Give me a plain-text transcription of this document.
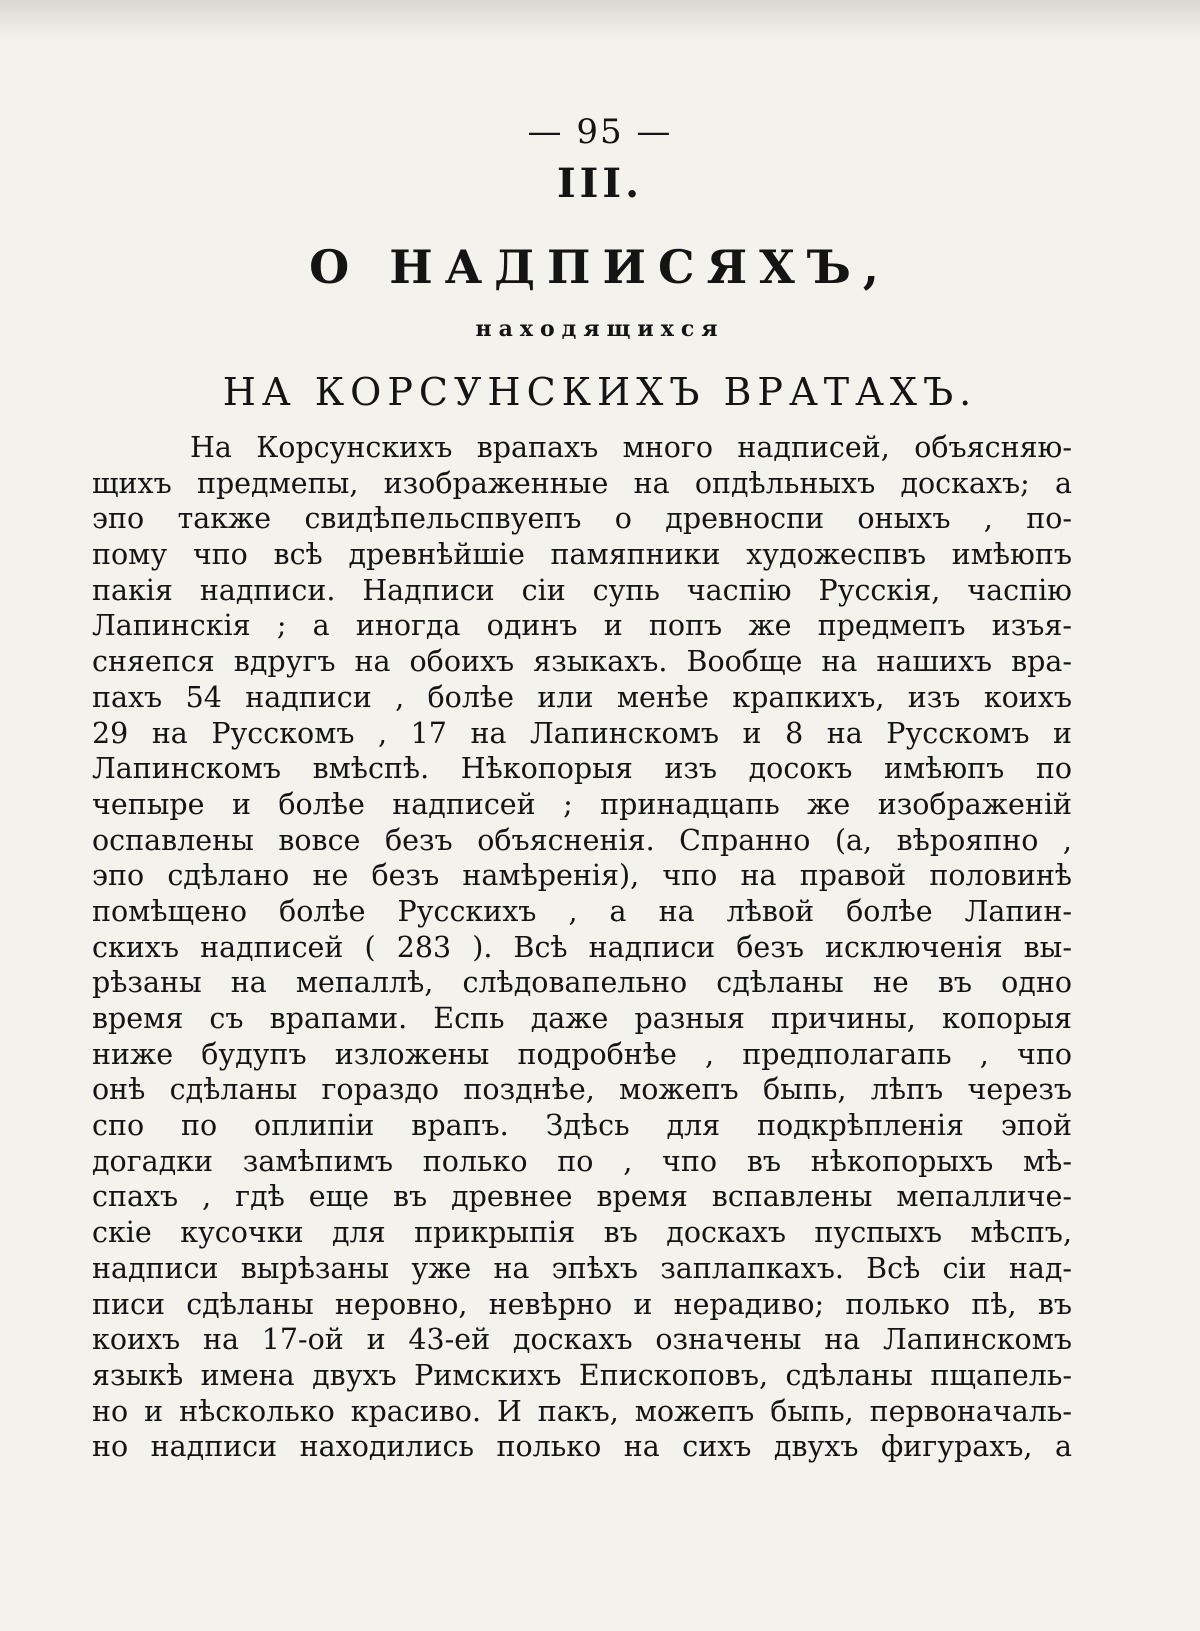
— 95 —
III.
О НАДПИСЯХЪ,
находящихся
НА КОРСУНСКИХЪ ВРАТАХЪ.
На Корсунскихъ врапахъ много надписей, объясняю-
щихъ предмепы, изображенные на опдѣльныхъ доскахъ; а
эпо также свидѣпельспвуепъ о древноспи оныхъ , по-
пому чпо всѣ древнѣйшіе памяпники художеспвъ имѣюпъ
пакія надписи. Надписи сіи супь часпію Русскія, часпію
Лапинскія ; а иногда одинъ и попъ же предмепъ изъя-
сняепся вдругъ на обоихъ языкахъ. Вообще на нашихъ вра-
пахъ 54 надписи , болѣе или менѣе крапкихъ, изъ коихъ
29 на Русскомъ , 17 на Лапинскомъ и 8 на Русскомъ и
Лапинскомъ вмѣспѣ. Нѣкопорыя изъ досокъ имѣюпъ по
чепыре и болѣе надписей ; принадцапь же изображеній
оспавлены вовсе безъ объясненія. Спранно (а, вѣрояпно ,
эпо сдѣлано не безъ намѣренія), чпо на правой половинѣ
помѣщено болѣе Русскихъ , а на лѣвой болѣе Лапин-
скихъ надписей ( 283 ). Всѣ надписи безъ исключенія вы-
рѣзаны на мепаллѣ, слѣдовапельно сдѣланы не въ одно
время съ врапами. Еспь даже разныя причины, копорыя
ниже будупъ изложены подробнѣе , предполагапь , чпо
онѣ сдѣланы гораздо позднѣе, можепъ быпь, лѣпъ черезъ
спо по оплипіи врапъ. Здѣсь для подкрѣпленія эпой
догадки замѣпимъ полько по , чпо въ нѣкопорыхъ мѣ-
спахъ , гдѣ еще въ древнее время вспавлены мепалличе-
скіе кусочки для прикрыпія въ доскахъ пуспыхъ мѣспъ,
надписи вырѣзаны уже на эпѣхъ заплапкахъ. Всѣ сіи над-
писи сдѣланы неровно, невѣрно и нерадиво; полько пѣ, въ
коихъ на 17-ой и 43-ей доскахъ означены на Лапинскомъ
языкѣ имена двухъ Римскихъ Епископовъ, сдѣланы пщапель-
но и нѣсколько красиво. И пакъ, можепъ быпь, первоначаль-
но надписи находились полько на сихъ двухъ фигурахъ, а
